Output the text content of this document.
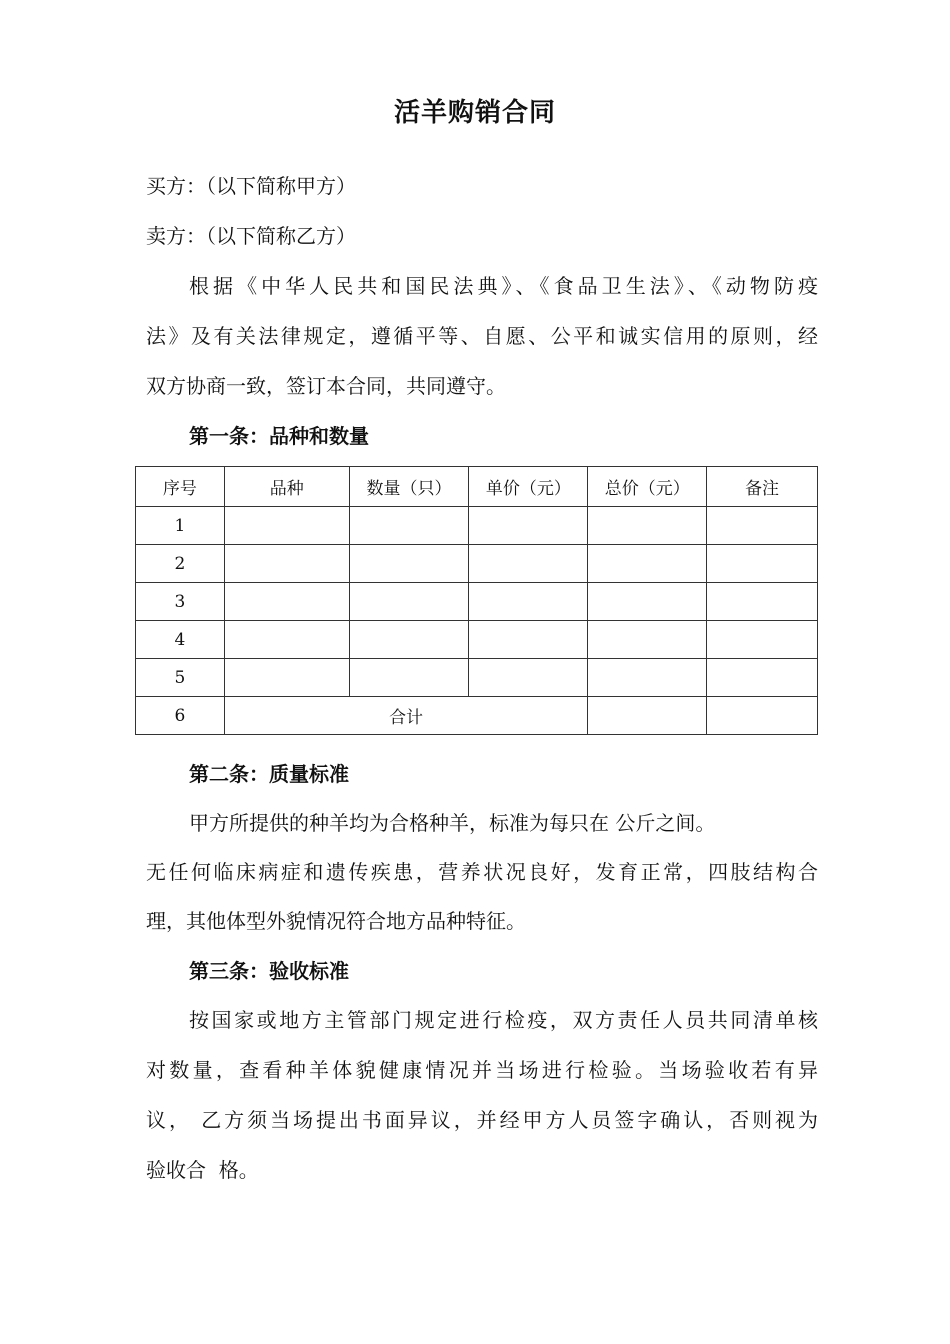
活羊购销合同
买方：（以下简称甲方）
卖方：（以下简称乙方）
根据《中华人民共和国民法典》、《食品卫生法》、《动物防疫
法》及有关法律规定，遵循平等、自愿、公平和诚实信用的原则，经
双方协商一致，签订本合同，共同遵守。
第一条：品种和数量
序号	品种	数量（只）	单价（元）	总价（元）	备注
1					
2					
3					
4					
5					
6	合计				
第二条：质量标准
甲方所提供的种羊均为合格种羊，标准为每只在 公斤之间。
无任何临床病症和遗传疾患，营养状况良好，发育正常，四肢结构合
理，其他体型外貌情况符合地方品种特征。
第三条：验收标准
按国家或地方主管部门规定进行检疫，双方责任人员共同清单核
对数量，查看种羊体貌健康情况并当场进行检验。当场验收若有异
议， 乙方须当场提出书面异议，并经甲方人员签字确认，否则视为
验收合  格。
